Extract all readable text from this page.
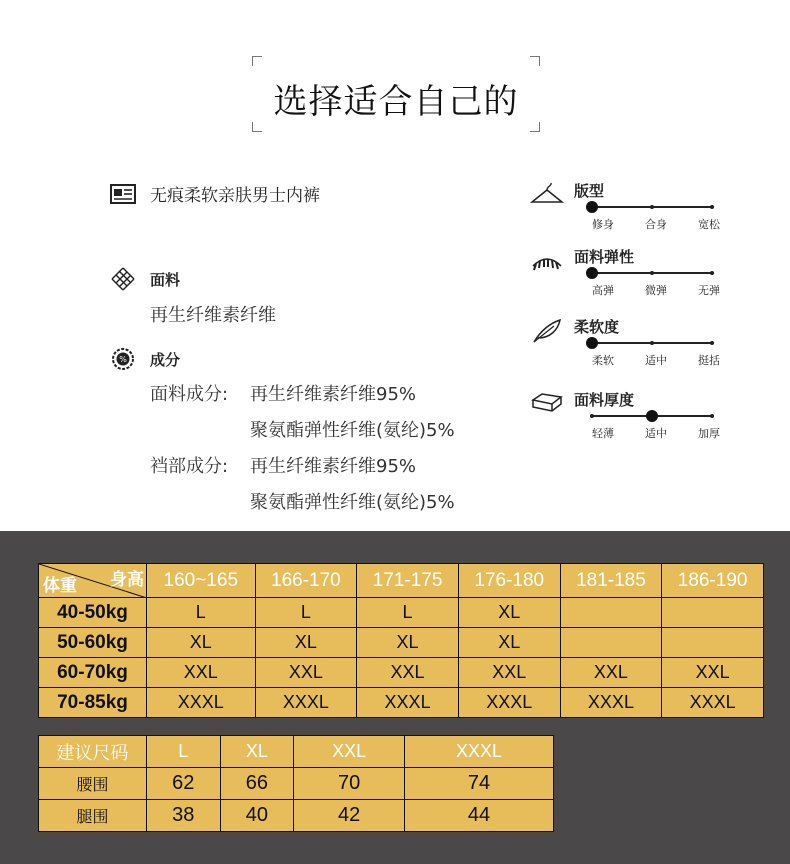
选择适合自己的
无痕柔软亲肤男士内裤
面料
再生纤维素纤维
% 成分
面料成分: 再生纤维素纤维95%
聚氨酯弹性纤维(氨纶)5%
裆部成分: 再生纤维素纤维95%
聚氨酯弹性纤维(氨纶)5%
版型
修身	合身	宽松
面料弹性
高弹	微弹	无弹
柔软度
柔软	适中	挺括
面料厚度
轻薄	适中	加厚
身高
体重	160~165	166-170	171-175	176-180	181-185	186-190
40-50kg	L	L	L	XL		
50-60kg	XL	XL	XL	XL		
60-70kg	XXL	XXL	XXL	XXL	XXL	XXL
70-85kg	XXXL	XXXL	XXXL	XXXL	XXXL	XXXL
建议尺码	L	XL	XXL	XXXL
腰围	62	66	70	74
腿围	38	40	42	44
